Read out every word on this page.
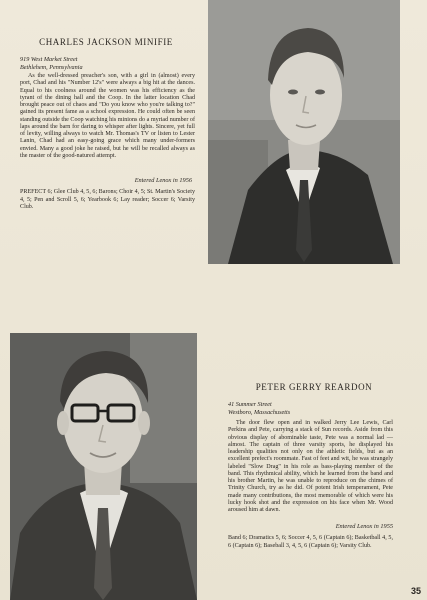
CHARLES JACKSON MINIFIE
919 West Market Street
Bethlehem, Pennsylvania

As the well-dressed preacher's son, with a girl in (almost) every port, Chad and his "Number 12's" were always a big hit at the dances. Equal to his coolness around the women was his efficiency as the tyrant of the dining hall and the Coop. In the latter location Chad brought peace out of chaos and "Do you know who you're talking to?" gained its present fame as a school expression. He could often be seen standing outside the Coop watching his minions do a myriad number of laps around the barn for daring to whisper after lights. Sincere, yet full of levity, willing always to watch Mr. Thomas's TV or listen to Lester Lanin, Chad had an easy-going grace which many under-formers envied. Many a good joke he raised, but he will be recalled always as the master of the good-natured attempt.

Entered Lenox in 1956

PREFECT 6; Glee Club 4, 5, 6; Barons; Choir 4, 5; St. Martin's Society 4, 5; Pen and Scroll 5, 6; Yearbook 6; Lay reader; Soccer 6; Varsity Club.

PETER GERRY REARDON
41 Summer Street
Westboro, Massachusetts

The door flew open and in walked Jerry Lee Lewis, Carl Perkins and Pete, carrying a stack of Sun records. Aside from this obvious display of abominable taste, Pete was a normal lad — almost. The captain of three varsity sports, he displayed his leadership qualities not only on the athletic fields, but as an excellent prefect's roommate. Fast of feet and wit, he was strangely labeled "Slow Drag" in his role as bass-playing member of the band. This rhythmical ability, which he learned from the band and his brother Martin, he was unable to reproduce on the chimes of Trinity Church, try as he did. Of potent Irish temperament, Pete made many contributions, the most memorable of which were his lucky hook shot and the expression on his face when Mr. Wood aroused him at dawn.

Entered Lenox in 1955

Band 6; Dramatics 5, 6; Soccer 4, 5, 6 (Captain 6); Basketball 4, 5, 6 (Captain 6); Baseball 3, 4, 5, 6 (Captain 6); Varsity Club.

35
